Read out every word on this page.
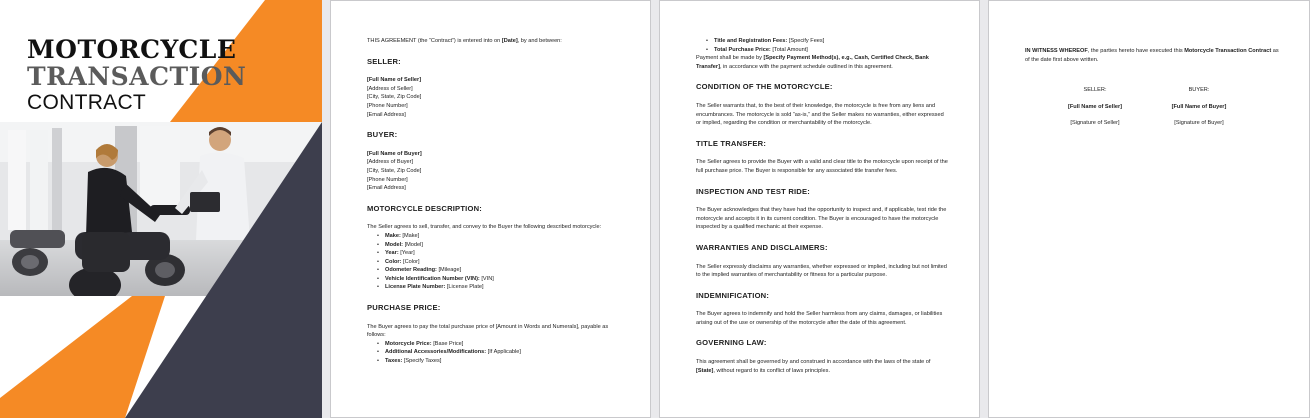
MOTORCYCLE
TRANSACTION
CONTRACT

THIS AGREEMENT (the “Contract”) is entered into on [Date], by and between:

SELLER:

[Full Name of Seller]

[Address of Seller]

[City, State, Zip Code]

[Phone Number]

[Email Address]

BUYER:

[Full Name of Buyer]

[Address of Buyer]

[City, State, Zip Code]

[Phone Number]

[Email Address]

MOTORCYCLE DESCRIPTION:

The Seller agrees to sell, transfer, and convey to the Buyer the following described motorcycle:

• Make: [Make]
• Model: [Model]
• Year: [Year]
• Color: [Color]
• Odometer Reading: [Mileage]
• Vehicle Identification Number (VIN): [VIN]
• License Plate Number: [License Plate]
PURCHASE PRICE:

The Buyer agrees to pay the total purchase price of [Amount in Words and Numerals], payable as follows:

• Motorcycle Price: [Base Price]
• Additional Accessories/Modifications: [If Applicable]
• Taxes: [Specify Taxes]
• Title and Registration Fees: [Specify Fees]
• Total Purchase Price: [Total Amount]

Payment shall be made by [Specify Payment Method(s), e.g., Cash, Certified Check, Bank Transfer], in accordance with the payment schedule outlined in this agreement.

CONDITION OF THE MOTORCYCLE:

The Seller warrants that, to the best of their knowledge, the motorcycle is free from any liens and encumbrances. The motorcycle is sold “as-is,” and the Seller makes no warranties, either expressed or implied, regarding the condition or merchantability of the motorcycle.

TITLE TRANSFER:

The Seller agrees to provide the Buyer with a valid and clear title to the motorcycle upon receipt of the full purchase price. The Buyer is responsible for any associated title transfer fees.

INSPECTION AND TEST RIDE:

The Buyer acknowledges that they have had the opportunity to inspect and, if applicable, test ride the motorcycle and accepts it in its current condition. The Buyer is encouraged to have the motorcycle inspected by a qualified mechanic at their expense.

WARRANTIES AND DISCLAIMERS:

The Seller expressly disclaims any warranties, whether expressed or implied, including but not limited to the implied warranties of merchantability or fitness for a particular purpose.

INDEMNIFICATION:

The Buyer agrees to indemnify and hold the Seller harmless from any claims, damages, or liabilities arising out of the use or ownership of the motorcycle after the date of this agreement.

GOVERNING LAW:

This agreement shall be governed by and construed in accordance with the laws of the state of [State], without regard to its conflict of laws principles.

IN WITNESS WHEREOF, the parties hereto have executed this Motorcycle Transaction Contract as of the date first above written.

SELLER:

[Full Name of Seller]

[Signature of Seller]

BUYER:

[Full Name of Buyer]

[Signature of Buyer]
